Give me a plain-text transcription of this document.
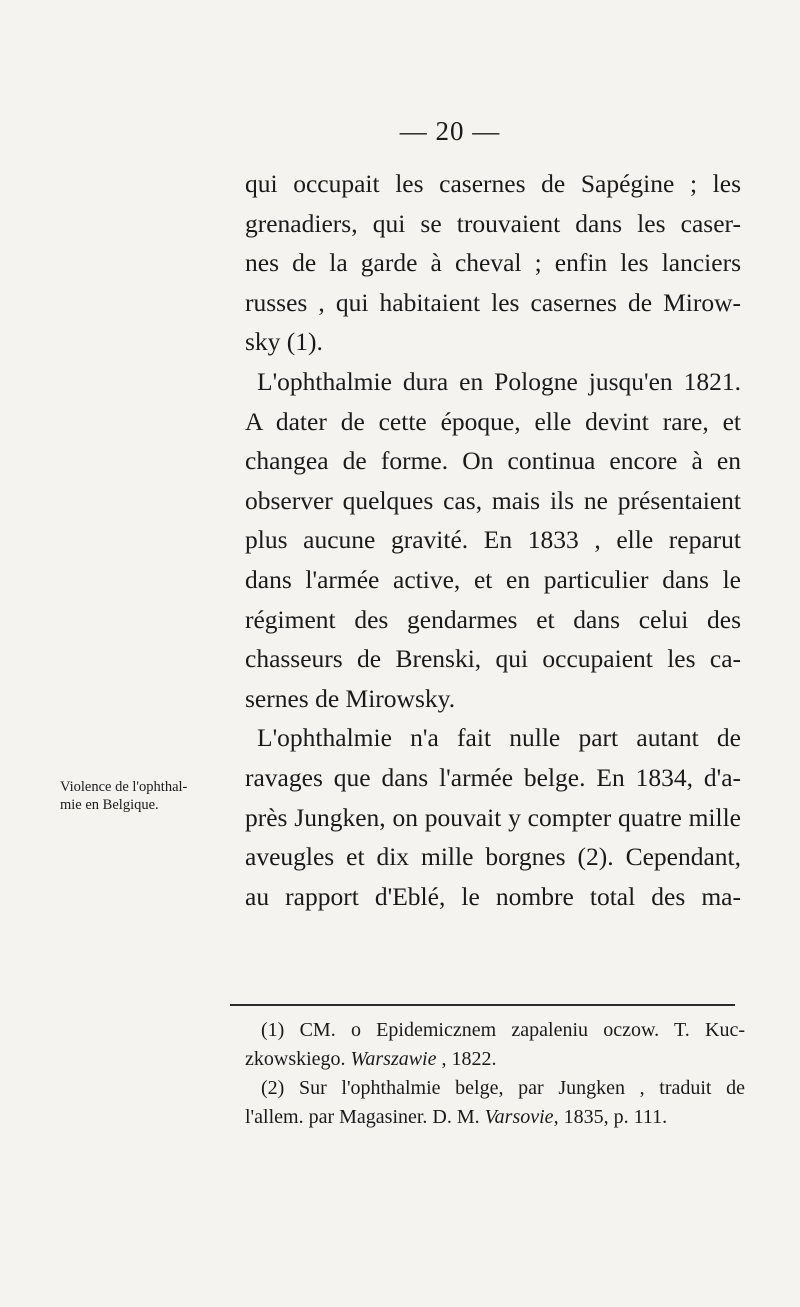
— 20 —
Violence de l'ophthal-
mie en Belgique.
qui occupait les casernes de Sapégine ; les
grenadiers, qui se trouvaient dans les caser-
nes de la garde à cheval ; enfin les lanciers
russes , qui habitaient les casernes de Mirow-
sky (1).
L'ophthalmie dura en Pologne jusqu'en 1821.
A dater de cette époque, elle devint rare, et
changea de forme. On continua encore à en
observer quelques cas, mais ils ne présentaient
plus aucune gravité. En 1833 , elle reparut
dans l'armée active, et en particulier dans le
régiment des gendarmes et dans celui des
chasseurs de Brenski, qui occupaient les ca-
sernes de Mirowsky.
L'ophthalmie n'a fait nulle part autant de
ravages que dans l'armée belge. En 1834, d'a-
près Jungken, on pouvait y compter quatre mille
aveugles et dix mille borgnes (2). Cependant,
au rapport d'Eblé, le nombre total des ma-
(1) CM. o Epidemicznem zapaleniu oczow. T. Kuc-
zkowskiego. Warszawie , 1822.
(2) Sur l'ophthalmie belge, par Jungken , traduit de
l'allem. par Magasiner. D. M. Varsovie, 1835, p. 111.
